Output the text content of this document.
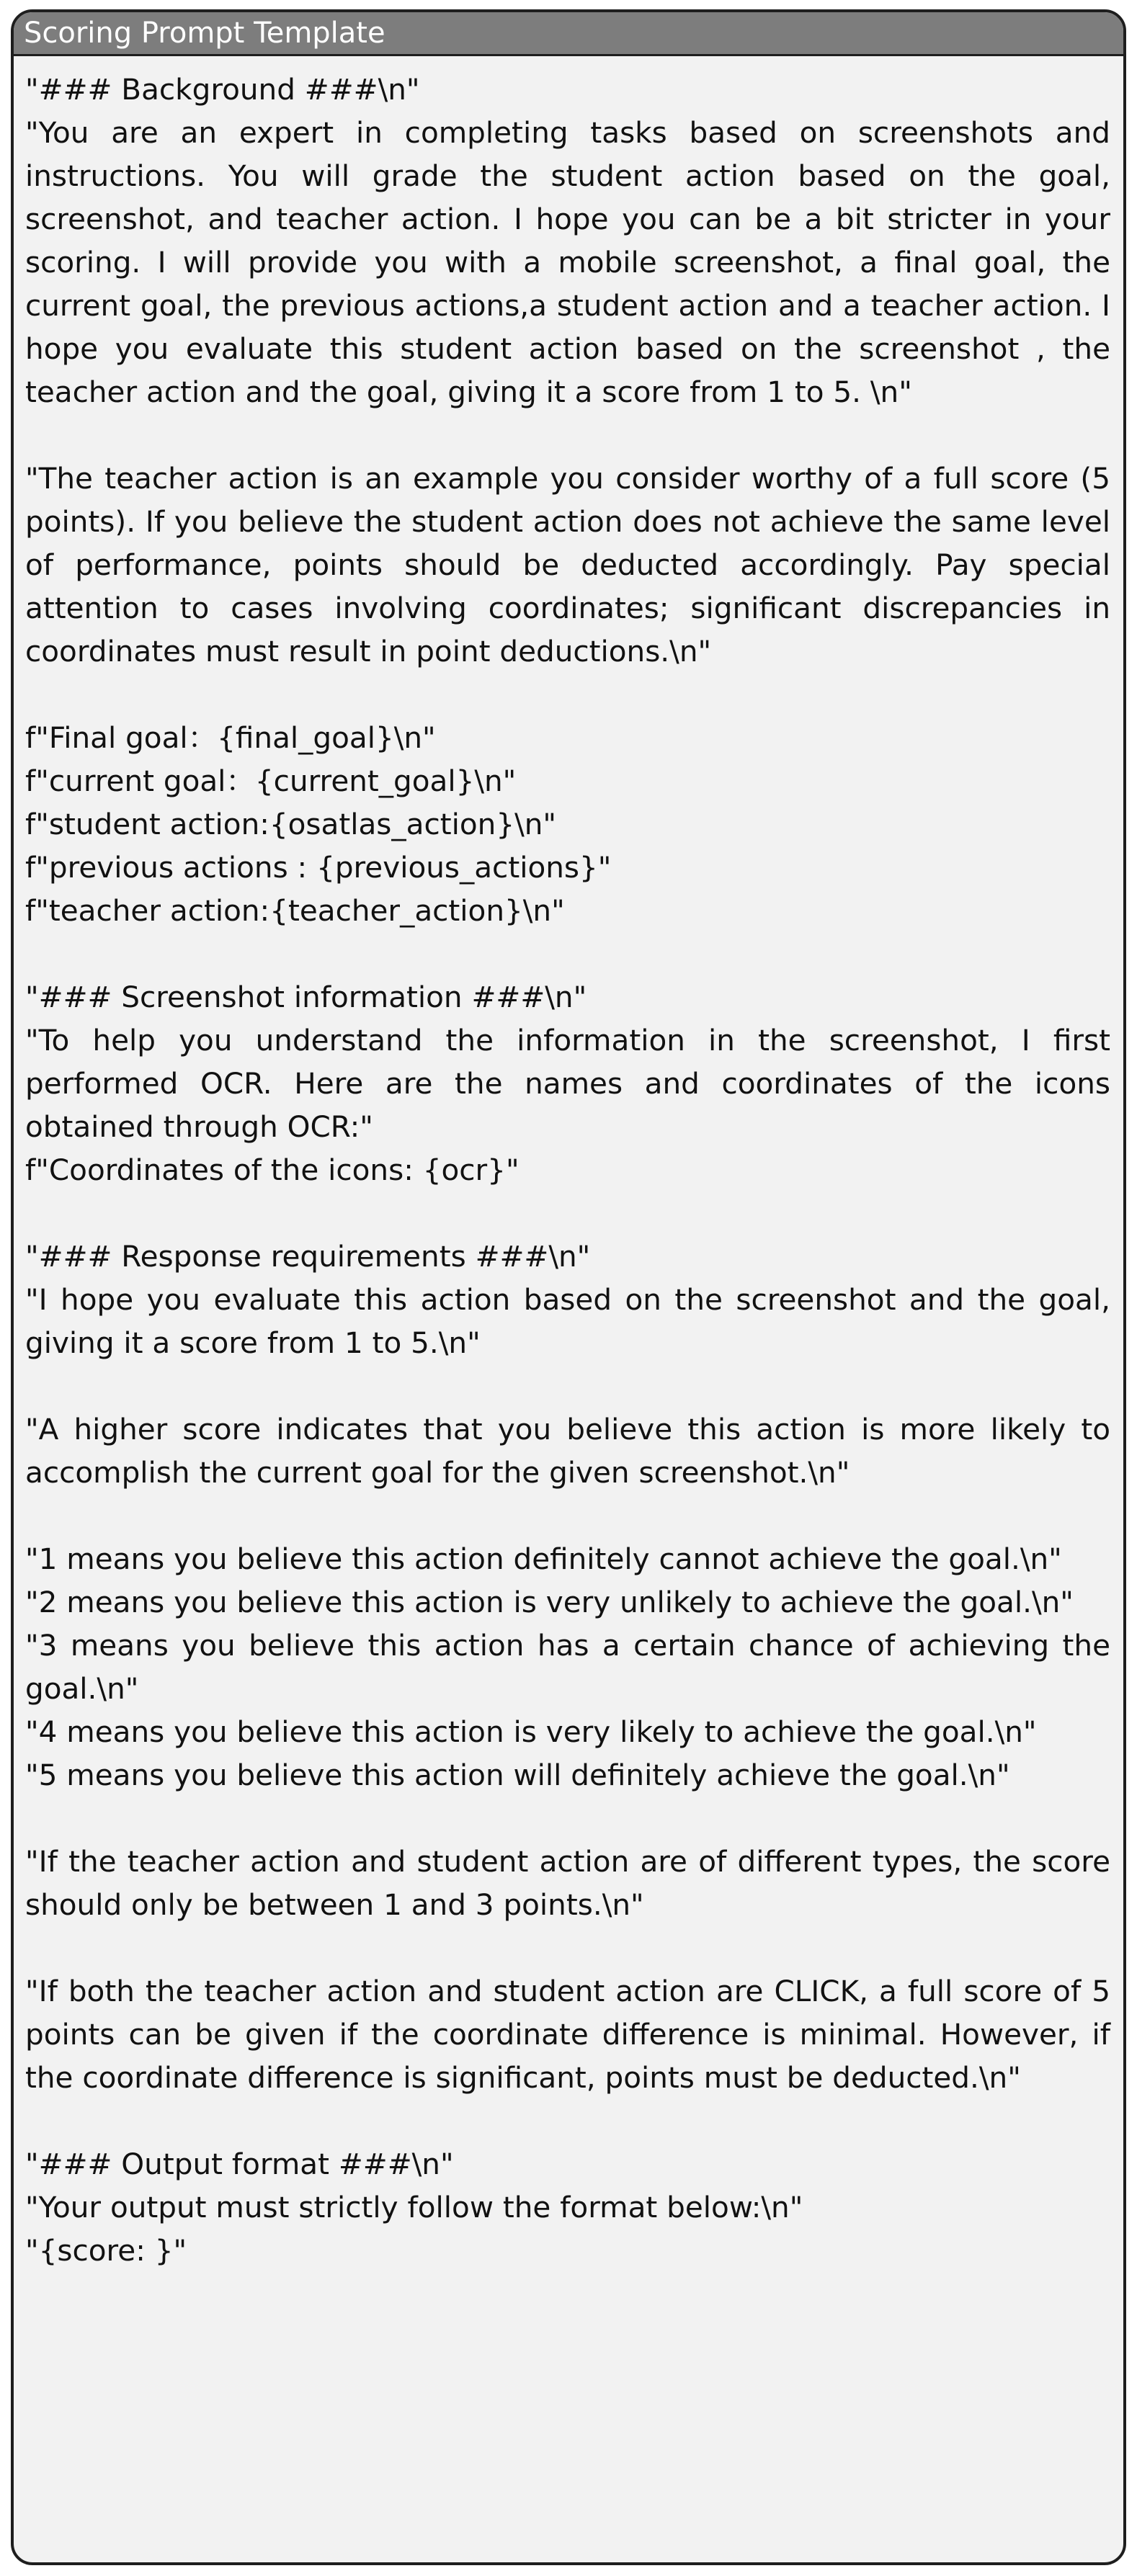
Scoring Prompt Template
"### Background ###\n"
"You are an expert in completing tasks based on screenshots and instructions. You will grade the student action based on the goal, screenshot, and teacher action. I hope you can be a bit stricter in your scoring. I will provide you with a mobile screenshot, a final goal, the current goal, the previous actions,a student action and a teacher action. I hope you evaluate this student action based on the screenshot , the teacher action and the goal, giving it a score from 1 to 5. \n"
"The teacher action is an example you consider worthy of a full score (5 points). If you believe the student action does not achieve the same level of performance, points should be deducted accordingly. Pay special attention to cases involving coordinates; significant discrepancies in coordinates must result in point deductions.\n"
f"Final goal：{final_goal}\n"
f"current goal：{current_goal}\n"
f"student action:{osatlas_action}\n"
f"previous actions : {previous_actions}"
f"teacher action:{teacher_action}\n"
"### Screenshot information ###\n"
"To help you understand the information in the screenshot, I first performed OCR. Here are the names and coordinates of the icons obtained through OCR:"
f"Coordinates of the icons: {ocr}"
"### Response requirements ###\n"
"I hope you evaluate this action based on the screenshot and the goal, giving it a score from 1 to 5.\n"
"A higher score indicates that you believe this action is more likely to accomplish the current goal for the given screenshot.\n"
"1 means you believe this action definitely cannot achieve the goal.\n"
"2 means you believe this action is very unlikely to achieve the goal.\n"
"3 means you believe this action has a certain chance of achieving the goal.\n"
"4 means you believe this action is very likely to achieve the goal.\n"
"5 means you believe this action will definitely achieve the goal.\n"
"If the teacher action and student action are of different types, the score should only be between 1 and 3 points.\n"
"If both the teacher action and student action are CLICK, a full score of 5 points can be given if the coordinate difference is minimal. However, if the coordinate difference is significant, points must be deducted.\n"
"### Output format ###\n"
"Your output must strictly follow the format below:\n"
"{score: }"
